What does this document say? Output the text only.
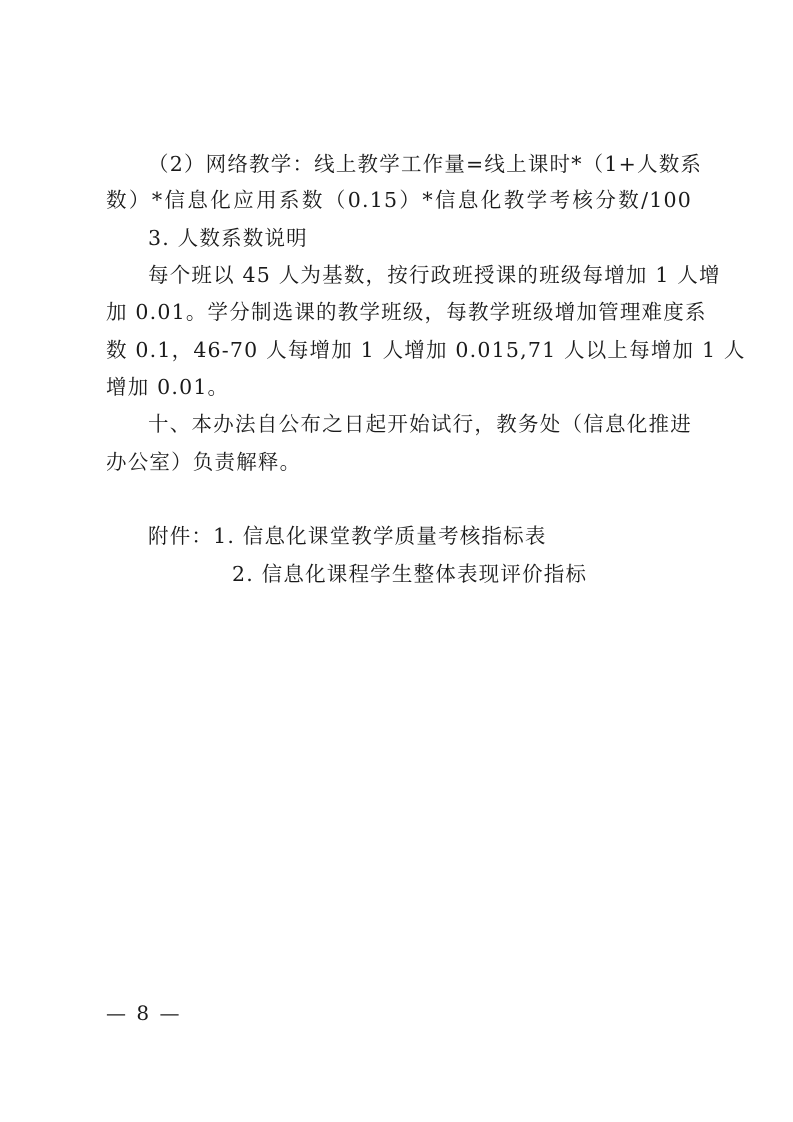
（2）网络教学：线上教学工作量=线上课时*（1+人数系
数）*信息化应用系数（0.15）*信息化教学考核分数/100
3. 人数系数说明
每个班以 45 人为基数，按行政班授课的班级每增加 1 人增
加 0.01。学分制选课的教学班级，每教学班级增加管理难度系
数 0.1，46-70 人每增加 1 人增加 0.015,71 人以上每增加 1 人
增加 0.01。
十、本办法自公布之日起开始试行，教务处（信息化推进
办公室）负责解释。
附件：1. 信息化课堂教学质量考核指标表
2. 信息化课程学生整体表现评价指标
— 8 —
